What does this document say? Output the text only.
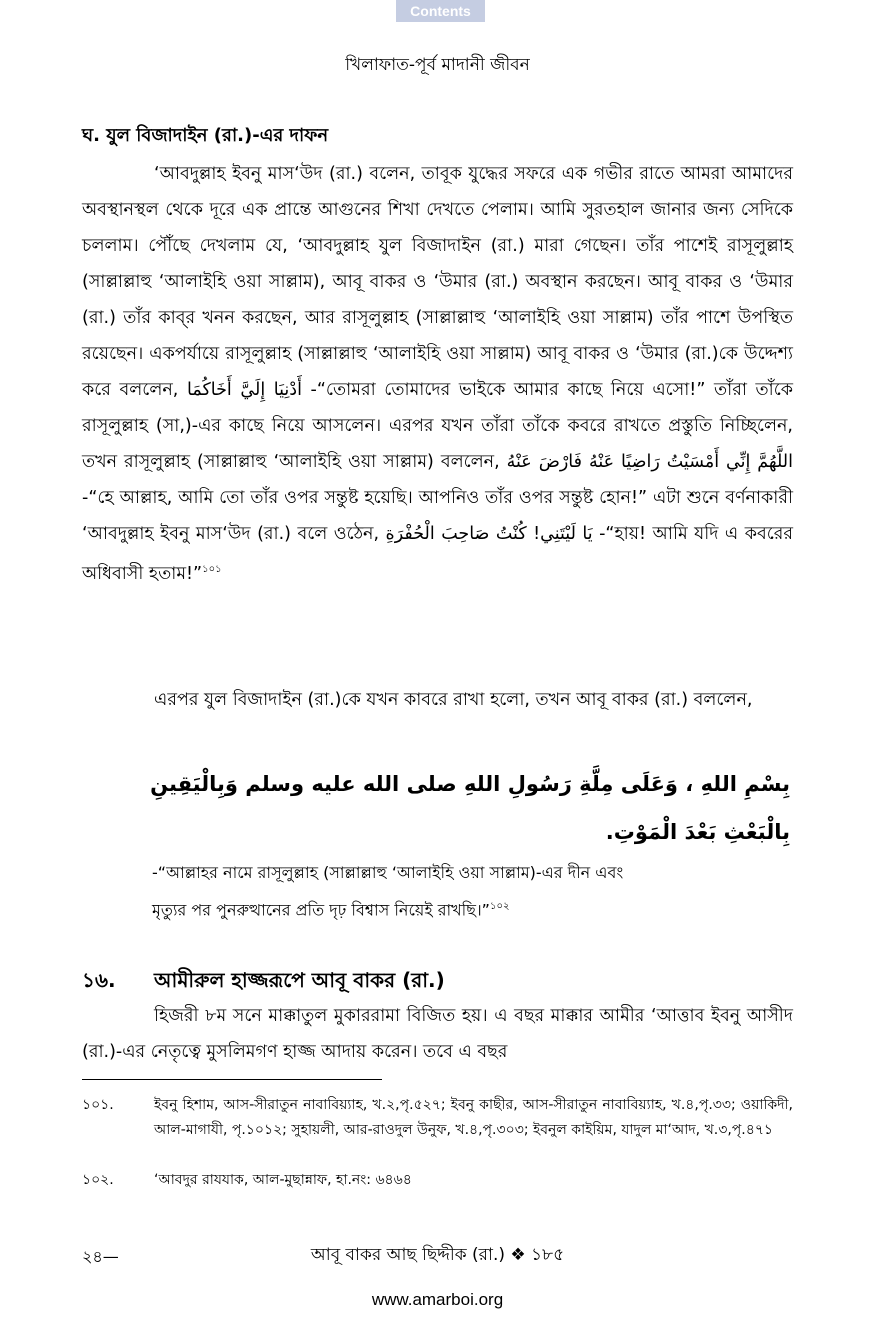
Contents
খিলাফাত-পূর্ব মাদানী জীবন
ঘ. যুল বিজাদাইন (রা.)-এর দাফন

‘আবদুল্লাহ ইবনু মাস‘উদ (রা.) বলেন, তাবূক যুদ্ধের সফরে এক গভীর রাতে আমরা আমাদের অবস্থানস্থল থেকে দূরে এক প্রান্তে আগুনের শিখা দেখতে পেলাম। আমি সুরতহাল জানার জন্য সেদিকে চললাম। পৌঁছে দেখলাম যে, ‘আবদুল্লাহ যুল বিজাদাইন (রা.) মারা গেছেন। তাঁর পাশেই রাসূলুল্লাহ (সাল্লাল্লাহু ‘আলাইহি ওয়া সাল্লাম), আবূ বাকর ও ‘উমার (রা.) অবস্থান করছেন। আবূ বাকর ও ‘উমার (রা.) তাঁর কাব্‌র খনন করছেন, আর রাসূলুল্লাহ (সাল্লাল্লাহু ‘আলাইহি ওয়া সাল্লাম) তাঁর পাশে উপস্থিত রয়েছেন। একপর্যায়ে রাসূলুল্লাহ (সাল্লাল্লাহু ‘আলাইহি ওয়া সাল্লাম) আবূ বাকর ও ‘উমার (রা.)কে উদ্দেশ্য করে বললেন, أَدْنِيَا إِلَيَّ أَخَاكُمَا -“তোমরা তোমাদের ভাইকে আমার কাছে নিয়ে এসো!” তাঁরা তাঁকে রাসূলুল্লাহ (সা,)-এর কাছে নিয়ে আসলেন। এরপর যখন তাঁরা তাঁকে কবরে রাখতে প্রস্তুতি নিচ্ছিলেন, তখন রাসূলুল্লাহ (সাল্লাল্লাহু ‘আলাইহি ওয়া সাল্লাম) বললেন, اللَّهُمَّ إِنِّي أَمْسَيْتُ رَاضِيًا عَنْهُ فَارْضَ عَنْهُ -“হে আল্লাহ, আমি তো তাঁর ওপর সন্তুষ্ট হয়েছি। আপনিও তাঁর ওপর সন্তুষ্ট হোন!” এটা শুনে বর্ণনাকারী ‘আবদুল্লাহ ইবনু মাস‘উদ (রা.) বলে ওঠেন, يَا لَيْتَنِي! كُنْتُ صَاحِبَ الْحُفْرَةِ -“হায়! আমি যদি এ কবরের অধিবাসী হতাম!”$^{১০১}$

এরপর যুল বিজাদাইন (রা.)কে যখন কাবরে রাখা হলো, তখন আবূ বাকর (রা.) বললেন,

بِسْمِ اللهِ ، وَعَلَى مِلَّةِ رَسُولِ اللهِ صلى الله عليه وسلم وَبِالْيَقِينِ بِالْبَعْثِ بَعْدَ الْمَوْتِ.

-“আল্লাহর নামে রাসূলুল্লাহ (সাল্লাল্লাহু ‘আলাইহি ওয়া সাল্লাম)-এর দীন এবং
মৃত্যুর পর পুনরুত্থানের প্রতি দৃঢ় বিশ্বাস নিয়েই রাখছি।”$^{১০২}$

১৬. আমীরুল হাজ্জরূপে আবূ বাকর (রা.)

হিজরী ৮ম সনে মাক্কাতুল মুকাররামা বিজিত হয়। এ বছর মাক্কার আমীর ‘আত্তাব ইবনু আসীদ (রা.)-এর নেতৃত্বে মুসলিমগণ হাজ্জ আদায় করেন। তবে এ বছর

১০১.	ইবনু হিশাম, আস-সীরাতুন নাবাবিয়্যাহ, খ.২,পৃ.৫২৭; ইবনু কাছীর, আস-সীরাতুন নাবাবিয়্যাহ, খ.৪,পৃ.৩৩; ওয়াকিদী, আল-মাগাযী, পৃ.১০১২; সুহায়লী, আর-রাওদুল উনুফ, খ.৪,পৃ.৩০৩; ইবনুল কাইয়িম, যাদুল মা‘আদ, খ.৩,পৃ.৪৭১
১০২.	‘আবদুর রাযযাক, আল-মুছান্নাফ, হা.নং: ৬৪৬৪
আবূ বাকর আছ ছিদ্দীক (রা.) ❖ ১৮৫
২৪—
www.amarboi.org
